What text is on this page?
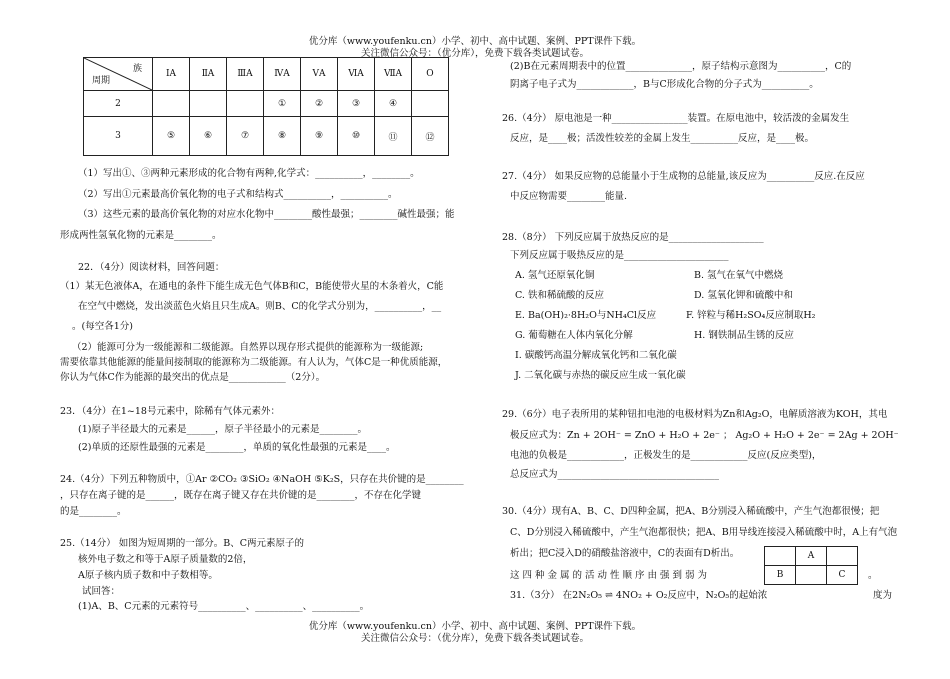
优分库（www.youfenku.cn）小学、初中、高中试题、案例、PPT课件下载。
关注微信公众号：（优分库），免费下载各类试题试卷。
族
周期	ⅠA	ⅡA	ⅢA	ⅣA	ⅤA	ⅥA	ⅦA	O
2				①	②	③	④	
3	⑤	⑥	⑦	⑧	⑨	⑩	⑪	⑫
（1）写出①、③两种元素形成的化合物有两种,化学式：__________，________。
（2）写出①元素最高价氧化物的电子式和结构式__________，__________。
（3）这些元素的最高价氧化物的对应水化物中________酸性最强；________碱性最强；能
形成两性氢氧化物的元素是________。
22．（4分）阅读材料，回答问题：
（1）某无色液体A，在通电的条件下能生成无色气体B和C，B能使带火星的木条着火，C能
在空气中燃烧，发出淡蓝色火焰且只生成A。则B、C的化学式分别为，__________，__
。(每空各1分)
（2）能源可分为一级能源和二级能源。自然界以现存形式提供的能源称为一级能源;
需要依靠其他能源的能量间接制取的能源称为二级能源。有人认为，气体C是一种优质能源，
你认为气体C作为能源的最突出的优点是____________（2分）。
23．（4分）在1~18号元素中，除稀有气体元素外：
(1)原子半径最大的元素是______，原子半径最小的元素是________。
(2)单质的还原性最强的元素是________，单质的氧化性最强的元素是____。
24.（4分）下列五种物质中，①Ar ②CO₂ ③SiO₂ ④NaOH ⑤K₂S，只存在共价键的是________
，只存在离子键的是______，既存在离子键又存在共价键的是________，不存在化学键
的是________。
25.（14分） 如图为短周期的一部分。B、C两元素原子的
核外电子数之和等于A原子质量数的2倍，
A原子核内质子数和中子数相等。
试回答：
(1)A、B、C元素的元素符号__________、__________、__________。
(2)B在元素周期表中的位置______________，原子结构示意图为__________，C的
阴离子电子式为____________，B与C形成化合物的分子式为__________。
26.（4分） 原电池是一种________________装置。在原电池中，较活泼的金属发生
反应，是____极；活泼性较差的金属上发生__________反应，是____极。
27.（4分） 如果反应物的总能量小于生成物的总能量,该反应为__________反应.在反应
中反应物需要________能量.
28.（8分） 下列反应属于放热反应的是____________________
下列反应属于吸热反应的是______________________
A. 氢气还原氧化铜	B. 氢气在氧气中燃烧
C. 铁和稀硫酸的反应	D. 氢氧化钾和硫酸中和
E. Ba(OH)₂·8H₂O与NH₄Cl反应	F. 锌粒与稀H₂SO₄反应制取H₂
G. 葡萄糖在人体内氧化分解	H. 钢铁制品生锈的反应
I. 碳酸钙高温分解成氧化钙和二氧化碳
J. 二氧化碳与赤热的碳反应生成一氧化碳
29.（6分）电子表所用的某种钮扣电池的电极材料为Zn和Ag₂O，电解质溶液为KOH，其电
极反应式为：Zn + 2OH⁻ = ZnO + H₂O + 2e⁻ ； Ag₂O + H₂O + 2e⁻ = 2Ag + 2OH⁻
电池的负极是____________，正极发生的是____________反应(反应类型)，
总反应式为__________________________________
30.（4分）现有A、B、C、D四种金属，把A、B分别浸入稀硫酸中，产生气泡都很慢；把
C、D分别浸入稀硫酸中，产生气泡都很快；把A、B用导线连接浸入稀硫酸中时，A上有气泡
析出；把C浸入D的硝酸盐溶液中，C的表面有D析出。
这四种金属的活动性顺序由强到弱为
31.（3分） 在2N₂O₅ ⇌ 4NO₂ + O₂反应中，N₂O₅的起始浓	度为
	A	
B		C 。
优分库（www.youfenku.cn）小学、初中、高中试题、案例、PPT课件下载。
关注微信公众号：（优分库），免费下载各类试题试卷。
